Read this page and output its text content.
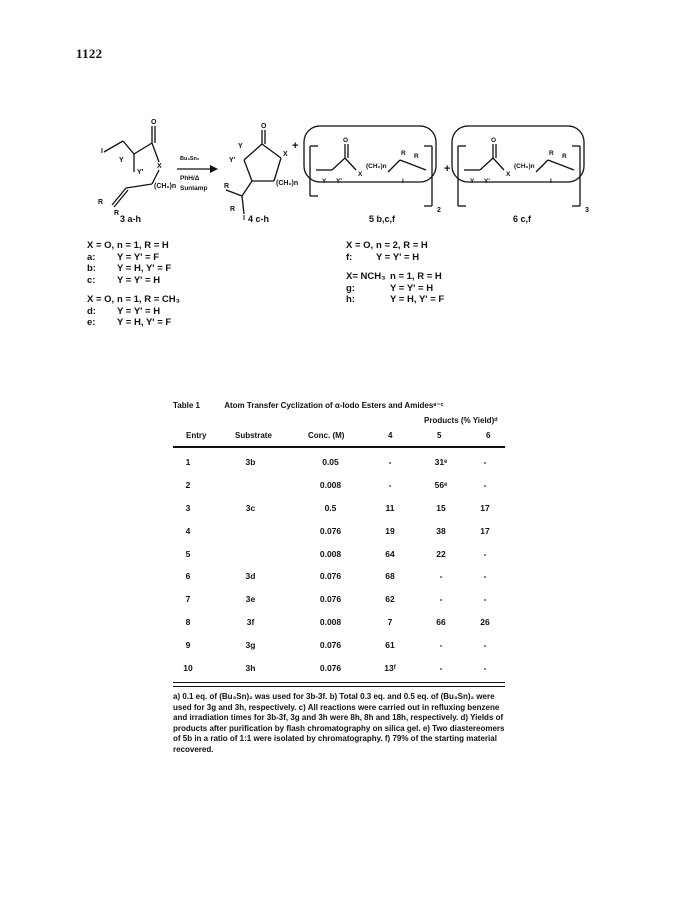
1122
I
O
Y'
Y
X
(CH₂)n
R
R
3 a-h
Bu₃Sn₂
PhH/Δ
Sunlamp
O
Y
Y'
X
(CH₂)n
R
R
I
+
4 c-h
O
Y Y'
X
(CH₂)n
R R
I
2
+
5 b,c,f
O
Y Y'
X
(CH₂)n
R R
I
3
6 c,f
X = O, n = 1, R = H
a:	Y = Y' = F
b:	Y = H, Y' = F
c:	Y = Y' = H
X = O, n = 1, R = CH₃
d:	Y = Y' = H
e:	Y = H, Y' = F
X = O, n = 2, R = H
f:	Y = Y' = H
X= NCH₃ n = 1, R = H
g:	Y = Y' = H
h:	Y = H, Y' = F
Table 1	Atom Transfer Cyclization of α-Iodo Esters and Amidesᵃ⁻ᶜ
Products (% Yield)ᵈ
Entry	Substrate	Conc. (M)	4	5	6
1	3b	0.05	-	31ᵉ	-
2		0.008	-	56ᵉ	-
3	3c	0.5	11	15	17
4		0.076	19	38	17
5		0.008	64	22	-
6	3d	0.076	68	-	-
7	3e	0.076	62	-	-
8	3f	0.008	7	66	26
9	3g	0.076	61	-	-
10	3h	0.076	13ᶠ	-	-
a) 0.1 eq. of (Bu₃Sn)₂ was used for 3b-3f. b) Total 0.3 eq. and 0.5 eq. of (Bu₃Sn)₂ were used for 3g and 3h, respectively. c) All reactions were carried out in refluxing benzene and irradiation times for 3b-3f, 3g and 3h were 8h, 8h and 18h, respectively. d) Yields of products after purification by flash chromatography on silica gel. e) Two diastereomers of 5b in a ratio of 1:1 were isolated by chromatography. f) 79% of the starting material recovered.
